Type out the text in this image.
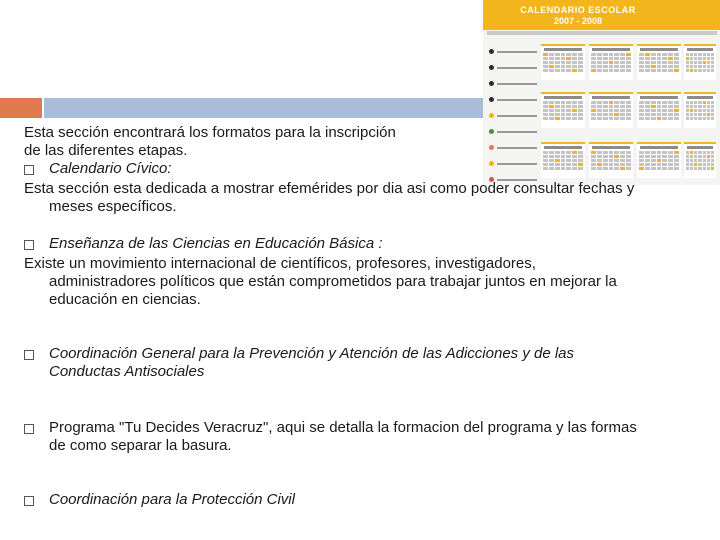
CALENDARIO ESCOLAR
2007 - 2008

Esta sección encontrará los formatos para la inscripción

de las diferentes etapas.

Calendario Cívico:

Esta sección esta dedicada a mostrar efemérides por dia asi como poder consultar fechas y meses específicos.

Enseñanza de las Ciencias en Educación Básica :

Existe un movimiento internacional de científicos, profesores, investigadores, administradores políticos que están comprometidos para trabajar juntos en mejorar la educación en ciencias.

Coordinación General para la Prevención y Atención de las Adicciones y de las Conductas Antisociales
Programa "Tu Decides Veracruz", aqui se detalla la formacion del programa y las formas de como separar la basura.
Coordinación para la Protección Civil
